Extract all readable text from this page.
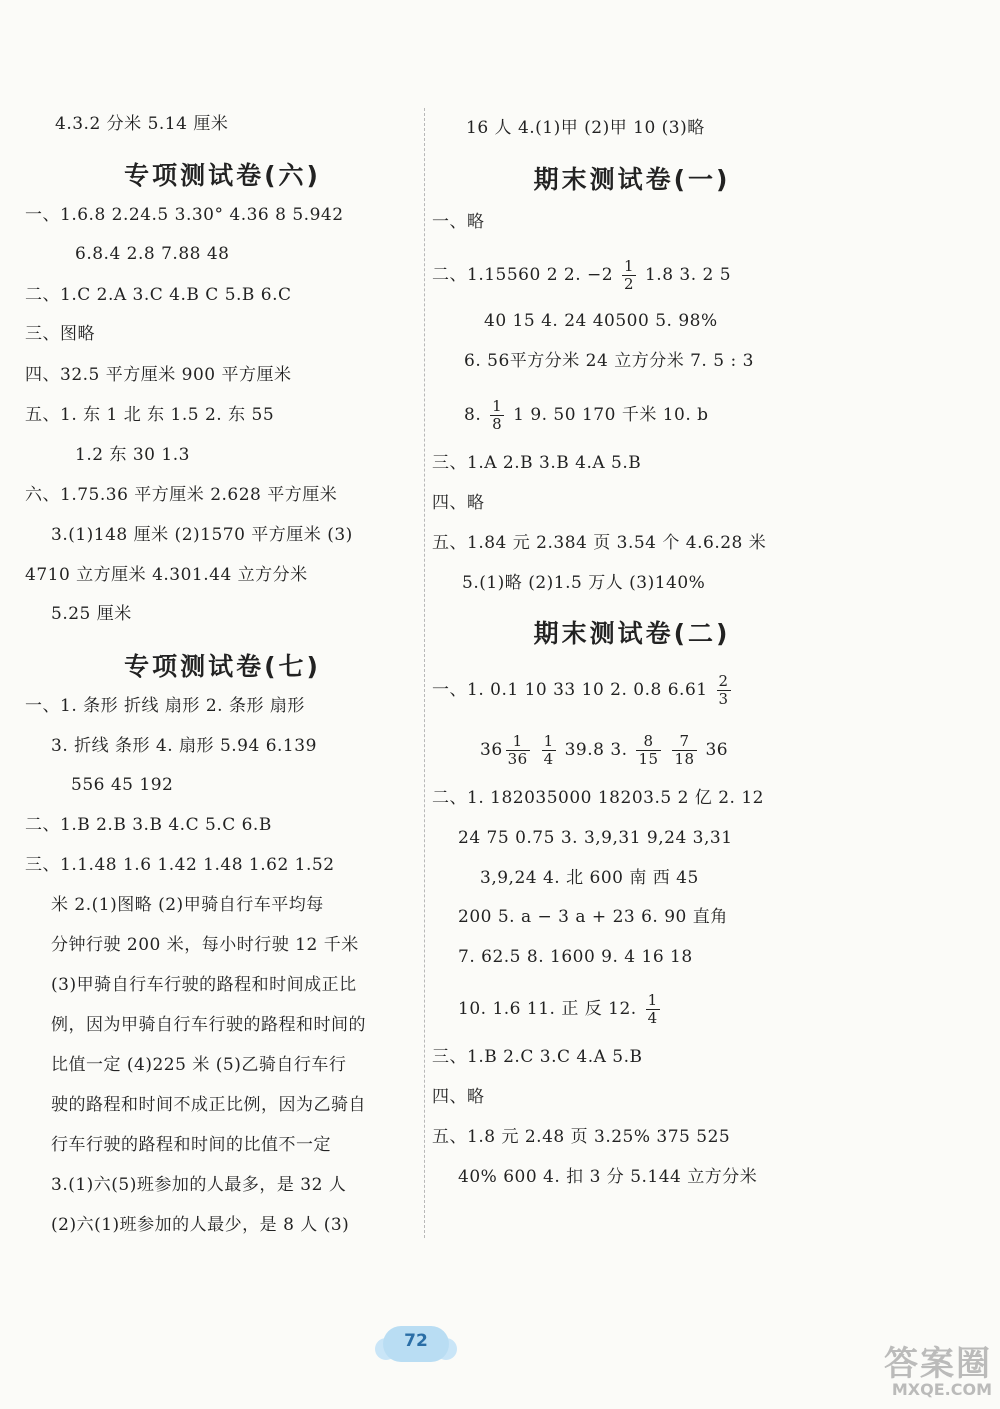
4.3.2 分米 5.14 厘米
专项测试卷(六)
一、1.6.8 2.24.5 3.30° 4.36 8 5.942
6.8.4 2.8 7.88 48
二、1.C 2.A 3.C 4.B C 5.B 6.C
三、图略
四、32.5 平方厘米 900 平方厘米
五、1. 东 1 北 东 1.5 2. 东 55
1.2 东 30 1.3
六、1.75.36 平方厘米 2.628 平方厘米
3.(1)148 厘米 (2)1570 平方厘米 (3)
4710 立方厘米 4.301.44 立方分米
5.25 厘米
专项测试卷(七)
一、1. 条形 折线 扇形 2. 条形 扇形
3. 折线 条形 4. 扇形 5.94 6.139
556 45 192
二、1.B 2.B 3.B 4.C 5.C 6.B
三、1.1.48 1.6 1.42 1.48 1.62 1.52
米 2.(1)图略 (2)甲骑自行车平均每
分钟行驶 200 米，每小时行驶 12 千米
(3)甲骑自行车行驶的路程和时间成正比
例，因为甲骑自行车行驶的路程和时间的
比值一定 (4)225 米 (5)乙骑自行车行
驶的路程和时间不成正比例，因为乙骑自
行车行驶的路程和时间的比值不一定
3.(1)六(5)班参加的人最多，是 32 人
(2)六(1)班参加的人最少，是 8 人 (3)
16 人 4.(1)甲 (2)甲 10 (3)略
期末测试卷(一)
一、略
二、1.15560 2 2. $-2 \frac{1}{2} 1.8$ 3. 2 5
40 15 4. 24 40500 5. 98%
6. 56平方分米 24 立方分米 7. 5 : 3
8. $\frac{1}{8} 1$ 9. 50 170 千米 10. b
三、1.A 2.B 3.B 4.A 5.B
四、略
五、1.84 元 2.384 页 3.54 个 4.6.28 米
5.(1)略 (2)1.5 万人 (3)140%
期末测试卷(二)
一、1. 0.1 10 33 10 2. 0.8 $6.61 \frac{2}{3}$
$36 \frac{1}{36}$
$\frac{1}{4} 39.8$ 3. $\frac{8}{15}$
$\frac{7}{18} 36$
二、1. 182035000 18203.5 2 亿 2. 12
24 75 0.75 3. 3,9,31 9,24 3,31
3,9,24 4. 北 600 南 西 45
200 5. a − 3 a + 23 6. 90 直角
7. 62.5 8. 1600 9. 4 16 18
10. 1.6 11. 正 反 12. $\frac{1}{4}$
三、1.B 2.C 3.C 4.A 5.B
四、略
五、1.8 元 2.48 页 3.25% 375 525
40% 600 4. 扣 3 分 5.144 立方分米
72
答案圈
MXQE.COM
